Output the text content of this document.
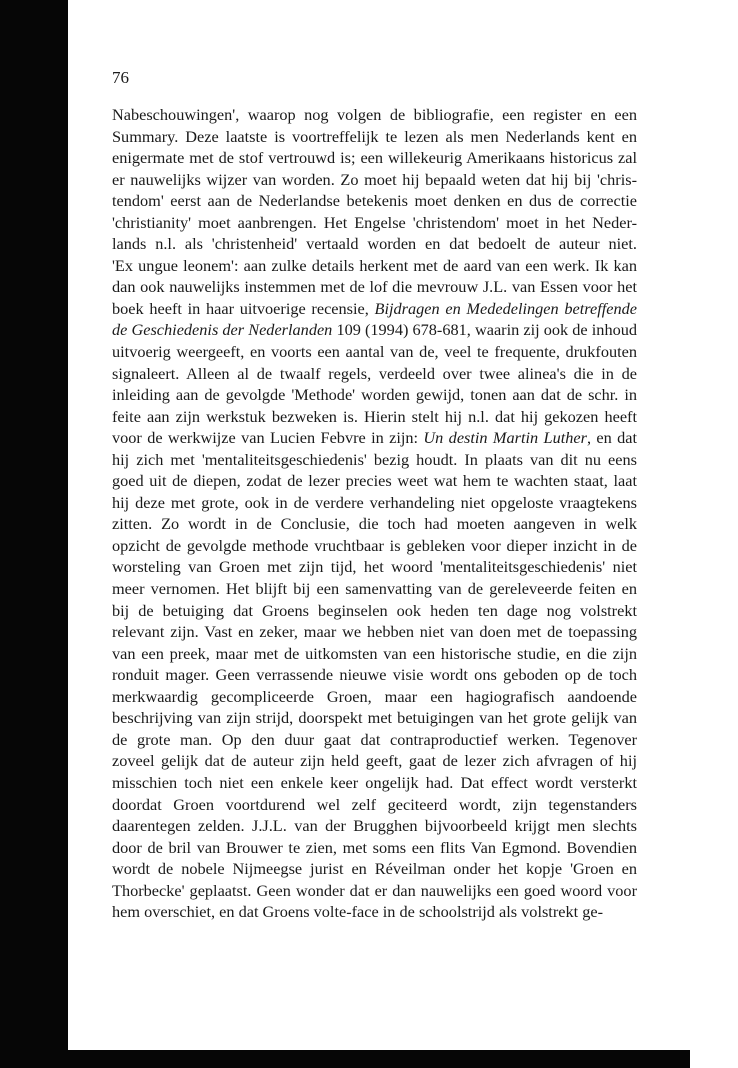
76
Nabeschouwingen', waarop nog volgen de bibliografie, een register en een
Summary. Deze laatste is voortreffelijk te lezen als men Nederlands kent en
enigermate met de stof vertrouwd is; een willekeurig Amerikaans historicus zal
er nauwelijks wijzer van worden. Zo moet hij bepaald weten dat hij bij 'chris-
tendom' eerst aan de Nederlandse betekenis moet denken en dus de correctie
'christianity' moet aanbrengen. Het Engelse 'christendom' moet in het Neder-
lands n.l. als 'christenheid' vertaald worden en dat bedoelt de auteur niet.
'Ex ungue leonem': aan zulke details herkent met de aard van een werk. Ik kan
dan ook nauwelijks instemmen met de lof die mevrouw J.L. van Essen voor het
boek heeft in haar uitvoerige recensie, Bijdragen en Mededelingen betreffende
de Geschiedenis der Nederlanden 109 (1994) 678-681, waarin zij ook de inhoud
uitvoerig weergeeft, en voorts een aantal van de, veel te frequente, drukfouten
signaleert. Alleen al de twaalf regels, verdeeld over twee alinea's die in de
inleiding aan de gevolgde 'Methode' worden gewijd, tonen aan dat de schr. in
feite aan zijn werkstuk bezweken is. Hierin stelt hij n.l. dat hij gekozen heeft
voor de werkwijze van Lucien Febvre in zijn: Un destin Martin Luther, en dat
hij zich met 'mentaliteitsgeschiedenis' bezig houdt. In plaats van dit nu eens
goed uit de diepen, zodat de lezer precies weet wat hem te wachten staat, laat
hij deze met grote, ook in de verdere verhandeling niet opgeloste vraagtekens
zitten. Zo wordt in de Conclusie, die toch had moeten aangeven in welk
opzicht de gevolgde methode vruchtbaar is gebleken voor dieper inzicht in de
worsteling van Groen met zijn tijd, het woord 'mentaliteitsgeschiedenis' niet
meer vernomen. Het blijft bij een samenvatting van de gereleveerde feiten en
bij de betuiging dat Groens beginselen ook heden ten dage nog volstrekt
relevant zijn. Vast en zeker, maar we hebben niet van doen met de toepassing
van een preek, maar met de uitkomsten van een historische studie, en die zijn
ronduit mager. Geen verrassende nieuwe visie wordt ons geboden op de toch
merkwaardig gecompliceerde Groen, maar een hagiografisch aandoende
beschrijving van zijn strijd, doorspekt met betuigingen van het grote gelijk van
de grote man. Op den duur gaat dat contraproductief werken. Tegenover
zoveel gelijk dat de auteur zijn held geeft, gaat de lezer zich afvragen of hij
misschien toch niet een enkele keer ongelijk had. Dat effect wordt versterkt
doordat Groen voortdurend wel zelf geciteerd wordt, zijn tegenstanders
daarentegen zelden. J.J.L. van der Brugghen bijvoorbeeld krijgt men slechts
door de bril van Brouwer te zien, met soms een flits Van Egmond. Bovendien
wordt de nobele Nijmeegse jurist en Réveilman onder het kopje 'Groen en
Thorbecke' geplaatst. Geen wonder dat er dan nauwelijks een goed woord voor
hem overschiet, en dat Groens volte-face in de schoolstrijd als volstrekt ge-
